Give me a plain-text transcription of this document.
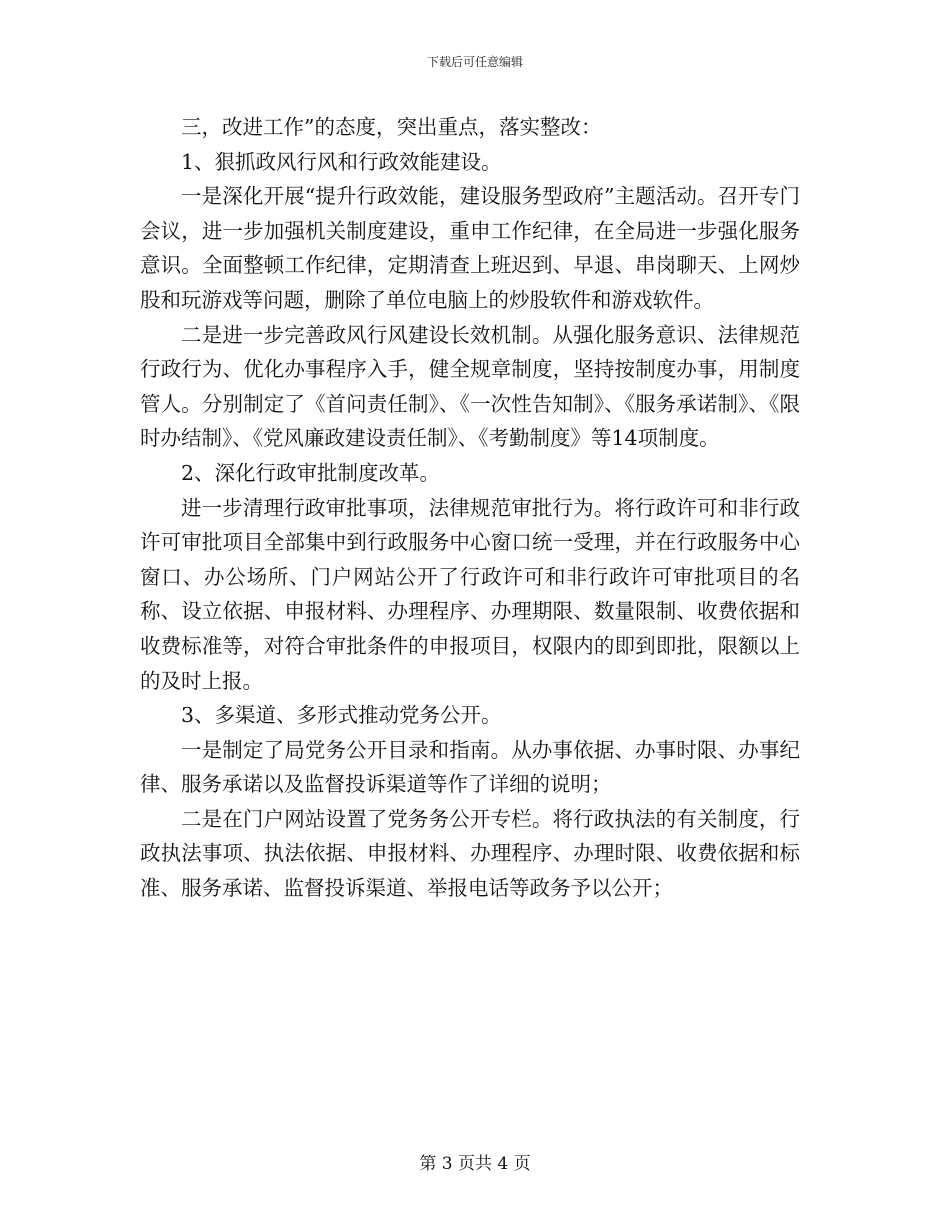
下载后可任意编辑

三，改进工作”的态度，突出重点，落实整改：

1、狠抓政风行风和行政效能建设。

一是深化开展“提升行政效能，建设服务型政府”主题活动。召开专门会议，进一步加强机关制度建设，重申工作纪律，在全局进一步强化服务意识。全面整顿工作纪律，定期清查上班迟到、早退、串岗聊天、上网炒股和玩游戏等问题，删除了单位电脑上的炒股软件和游戏软件。

二是进一步完善政风行风建设长效机制。从强化服务意识、法律规范行政行为、优化办事程序入手，健全规章制度，坚持按制度办事，用制度管人。分别制定了《首问责任制》、《一次性告知制》、《服务承诺制》、《限时办结制》、《党风廉政建设责任制》、《考勤制度》等14项制度。

2、深化行政审批制度改革。

进一步清理行政审批事项，法律规范审批行为。将行政许可和非行政许可审批项目全部集中到行政服务中心窗口统一受理，并在行政服务中心窗口、办公场所、门户网站公开了行政许可和非行政许可审批项目的名称、设立依据、申报材料、办理程序、办理期限、数量限制、收费依据和收费标准等，对符合审批条件的申报项目，权限内的即到即批，限额以上的及时上报。

3、多渠道、多形式推动党务公开。

一是制定了局党务公开目录和指南。从办事依据、办事时限、办事纪律、服务承诺以及监督投诉渠道等作了详细的说明；

二是在门户网站设置了党务务公开专栏。将行政执法的有关制度，行政执法事项、执法依据、申报材料、办理程序、办理时限、收费依据和标准、服务承诺、监督投诉渠道、举报电话等政务予以公开；

第 3 页共 4 页
